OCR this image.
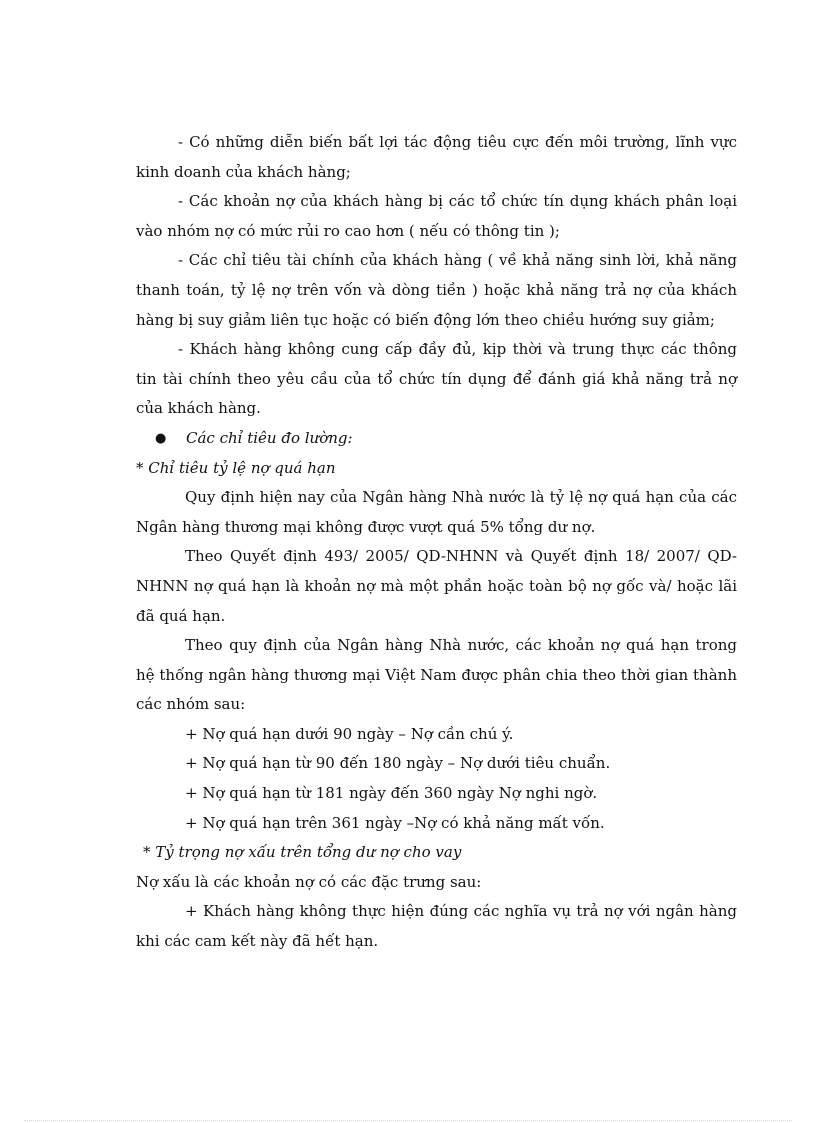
- Có những diễn biến bất lợi tác động tiêu cực đến môi trường, lĩnh vực kinh doanh của khách hàng;

- Các khoản nợ của khách hàng bị các tổ chức tín dụng khách phân loại vào nhóm nợ có mức rủi ro cao hơn ( nếu có thông tin );

- Các chỉ tiêu tài chính của khách hàng ( về khả năng sinh lời, khả năng thanh toán, tỷ lệ nợ trên vốn và dòng tiền ) hoặc khả năng trả nợ của khách hàng bị suy giảm liên tục hoặc có biến động lớn theo chiều hướng suy giảm;

- Khách hàng không cung cấp đầy đủ, kịp thời và trung thực các thông tin tài chính theo yêu cầu của tổ chức tín dụng để đánh giá khả năng trả nợ của khách hàng.

● Các chỉ tiêu đo lường:

* Chỉ tiêu tỷ lệ nợ quá hạn

Quy định hiện nay của Ngân hàng Nhà nước là tỷ lệ nợ quá hạn của các Ngân hàng thương mại không được vượt quá 5% tổng dư nợ.

Theo Quyết định 493/ 2005/ QD-NHNN và Quyết định 18/ 2007/ QD-NHNN nợ quá hạn là khoản nợ mà một phần hoặc toàn bộ nợ gốc và/ hoặc lãi đã quá hạn.

Theo quy định của Ngân hàng Nhà nước, các khoản nợ quá hạn trong hệ thống ngân hàng thương mại Việt Nam được phân chia theo thời gian thành các nhóm sau:

+ Nợ quá hạn dưới 90 ngày – Nợ cần chú ý.

+ Nợ quá hạn từ 90 đến 180 ngày – Nợ dưới tiêu chuẩn.

+ Nợ quá hạn từ 181 ngày đến 360 ngày Nợ nghi ngờ.

+ Nợ quá hạn trên 361 ngày –Nợ có khả năng mất vốn.

* Tỷ trọng nợ xấu trên tổng dư nợ cho vay

Nợ xấu là các khoản nợ có các đặc trưng sau:

+ Khách hàng không thực hiện đúng các nghĩa vụ trả nợ với ngân hàng khi các cam kết này đã hết hạn.
